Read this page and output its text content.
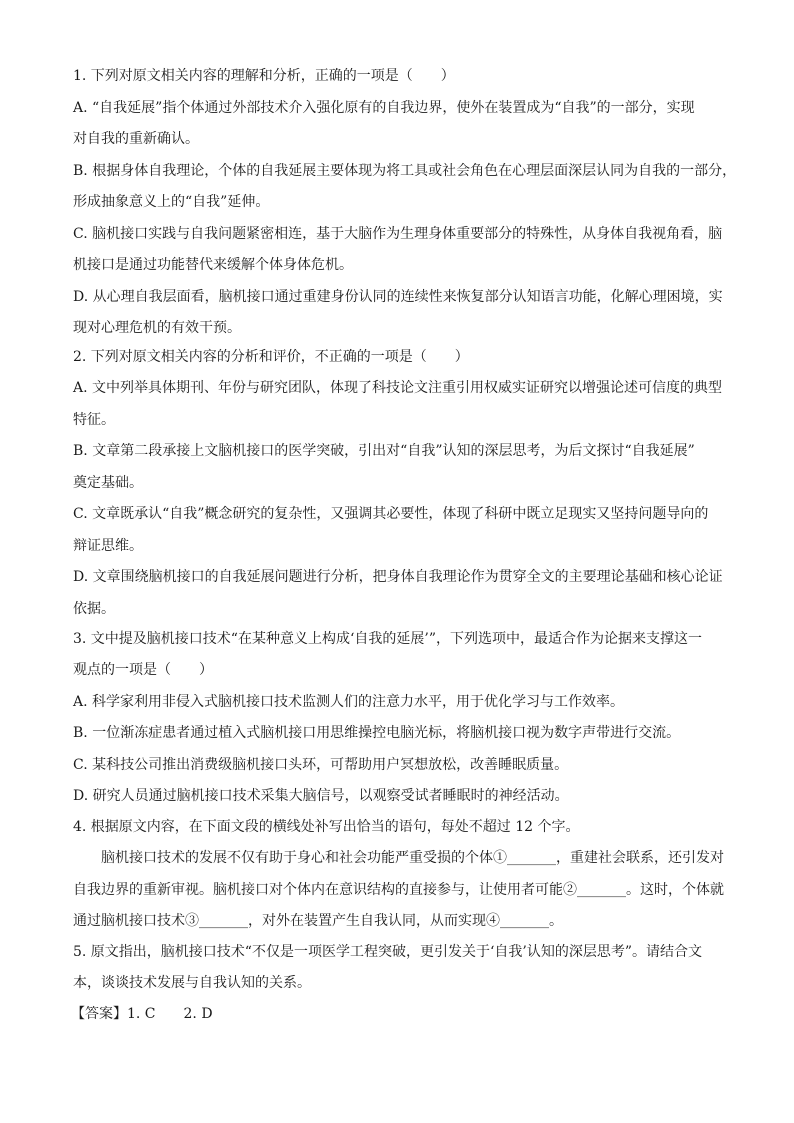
1. 下列对原文相关内容的理解和分析，正确的一项是（　　）
A. “自我延展”指个体通过外部技术介入强化原有的自我边界，使外在装置成为“自我”的一部分，实现
对自我的重新确认。
B. 根据身体自我理论，个体的自我延展主要体现为将工具或社会角色在心理层面深层认同为自我的一部分，
形成抽象意义上的“自我”延伸。
C. 脑机接口实践与自我问题紧密相连，基于大脑作为生理身体重要部分的特殊性，从身体自我视角看，脑
机接口是通过功能替代来缓解个体身体危机。
D. 从心理自我层面看，脑机接口通过重建身份认同的连续性来恢复部分认知语言功能，化解心理困境，实
现对心理危机的有效干预。
2. 下列对原文相关内容的分析和评价，不正确的一项是（　　）
A. 文中列举具体期刊、年份与研究团队，体现了科技论文注重引用权威实证研究以增强论述可信度的典型
特征。
B. 文章第二段承接上文脑机接口的医学突破，引出对“自我”认知的深层思考，为后文探讨“自我延展”
奠定基础。
C. 文章既承认“自我”概念研究的复杂性，又强调其必要性，体现了科研中既立足现实又坚持问题导向的
辩证思维。
D. 文章围绕脑机接口的自我延展问题进行分析，把身体自我理论作为贯穿全文的主要理论基础和核心论证
依据。
3. 文中提及脑机接口技术“在某种意义上构成‘自我的延展’”，下列选项中，最适合作为论据来支撑这一
观点的一项是（　　）
A. 科学家利用非侵入式脑机接口技术监测人们的注意力水平，用于优化学习与工作效率。
B. 一位渐冻症患者通过植入式脑机接口用思维操控电脑光标，将脑机接口视为数字声带进行交流。
C. 某科技公司推出消费级脑机接口头环，可帮助用户冥想放松，改善睡眠质量。
D. 研究人员通过脑机接口技术采集大脑信号，以观察受试者睡眠时的神经活动。
4. 根据原文内容，在下面文段的横线处补写出恰当的语句，每处不超过 12 个字。
　　脑机接口技术的发展不仅有助于身心和社会功能严重受损的个体①_______，重建社会联系，还引发对
自我边界的重新审视。脑机接口对个体内在意识结构的直接参与，让使用者可能②_______。这时，个体就
通过脑机接口技术③_______，对外在装置产生自我认同，从而实现④_______。
5. 原文指出，脑机接口技术“不仅是一项医学工程突破，更引发关于‘自我’认知的深层思考”。请结合文
本，谈谈技术发展与自我认知的关系。
【答案】1. C　　2. D
